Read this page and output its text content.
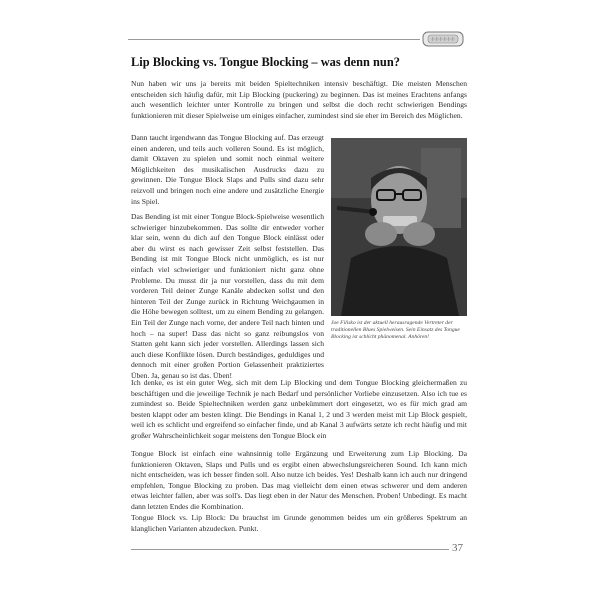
Lip Blocking vs. Tongue Blocking – was denn nun?

Nun haben wir uns ja bereits mit beiden Spieltechniken intensiv beschäftigt. Die meisten Menschen entscheiden sich häufig dafür, mit Lip Blocking (puckering) zu beginnen. Das ist meines Erachtens anfangs auch wesentlich leichter unter Kontrolle zu bringen und selbst die doch recht schwierigen Bendings funktionieren mit dieser Spielweise um einiges einfacher, zumindest sind sie eher im Bereich des Möglichen.

Dann taucht irgendwann das Tongue Blocking auf. Das erzeugt einen anderen, und teils auch volleren Sound. Es ist möglich, damit Oktaven zu spielen und somit noch einmal weitere Möglichkeiten des musikalischen Ausdrucks dazu zu gewinnen. Die Tongue Block Slaps and Pulls sind dazu sehr reizvoll und bringen noch eine andere und zusätzliche Energie ins Spiel.

Das Bending ist mit einer Tongue Block-Spielweise wesentlich schwieriger hinzubekommen. Das sollte dir entweder vorher klar sein, wenn du dich auf den Tongue Block einlässt oder aber du wirst es nach gewisser Zeit selbst feststellen. Das Bending ist mit Tongue Block nicht unmöglich, es ist nur einfach viel schwieriger und funktioniert nicht ganz ohne Probleme. Du musst dir ja nur vorstellen, dass du mit dem vorderen Teil deiner Zunge Kanäle abdecken sollst und den hinteren Teil der Zunge zurück in Richtung Weichgaumen in die Höhe bewegen solltest, um zu einem Bending zu gelangen. Ein Teil der Zunge nach vorne, der andere Teil nach hinten und hoch – na super! Dass das nicht so ganz reibungslos von Statten geht kann sich jeder vorstellen. Allerdings lassen sich auch diese Konflikte lösen. Durch beständiges, geduldiges und dennoch mit einer großen Portion Gelassenheit praktiziertes Üben. Ja, genau so ist das. Üben!

Joe Filisko ist der aktuell herausragende Vertreter der traditionellen Blues Spielweisen. Sein Einsatz des Tongue Blocking ist schlicht phänomenal. Anhören!

Ich denke, es ist ein guter Weg, sich mit dem Lip Blocking und dem Tongue Blocking gleichermaßen zu beschäftigen und die jeweilige Technik je nach Bedarf und persönlicher Vorliebe einzusetzen. Also ich tue es zumindest so. Beide Spieltechniken werden ganz unbekümmert dort eingesetzt, wo es für mich grad am besten klappt oder am besten klingt. Die Bendings in Kanal 1, 2 und 3 werden meist mit Lip Block gespielt, weil ich es schlicht und ergreifend so einfacher finde, und ab Kanal 3 aufwärts setzte ich recht häufig und mit großer Wahrscheinlichkeit sogar meistens den Tongue Block ein

Tongue Block ist einfach eine wahnsinnig tolle Ergänzung und Erweiterung zum Lip Blocking. Da funktionieren Oktaven, Slaps und Pulls und es ergibt einen abwechslungsreicheren Sound. Ich kann mich nicht entscheiden, was ich besser finden soll. Also nutze ich beides. Yes! Deshalb kann ich auch nur dringend empfehlen, Tongue Blocking zu proben. Das mag vielleicht dem einen etwas schwerer und dem anderen etwas leichter fallen, aber was soll's. Das liegt eben in der Natur des Menschen. Proben! Unbedingt. Es macht dann letzten Endes die Kombination.

Tongue Block vs. Lip Block: Du brauchst im Grunde genommen beides um ein größeres Spektrum an klanglichen Varianten abzudecken. Punkt.

37
